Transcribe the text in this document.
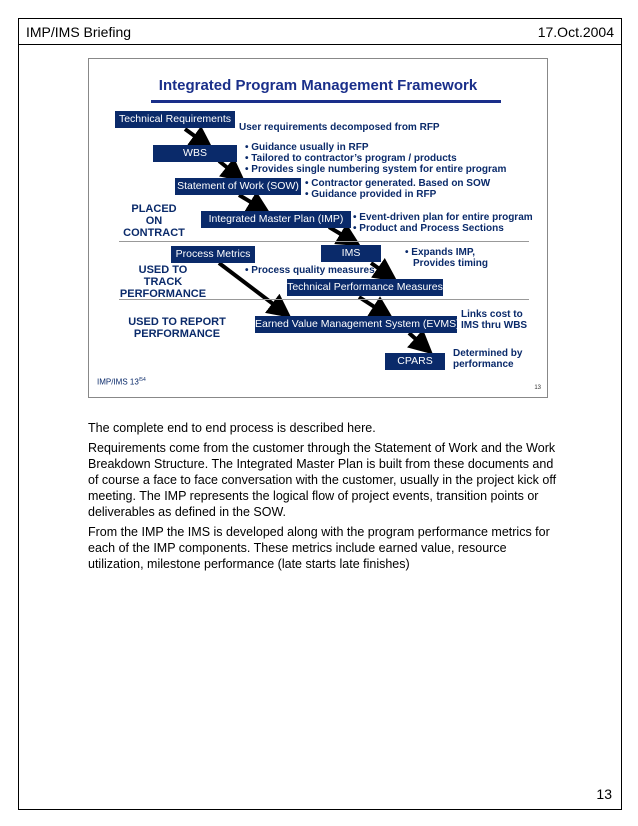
IMP/IMS Briefing	17.Oct.2004
Integrated Program Management Framework
Technical Requirements
WBS
Statement of Work (SOW)
Integrated Master Plan (IMP)
Process Metrics	IMS
Technical Performance Measures
Earned Value Management System (EVMS)
CPARS
User requirements decomposed from RFP
• Guidance usually in RFP
• Tailored to contractor’s program / products
• Provides single numbering system for entire program
• Contractor generated. Based on SOW
• Guidance provided in RFP
• Event-driven plan for entire program
• Product and Process Sections
• Expands IMP,
Provides timing
• Process quality measures
Links cost to
IMS thru WBS
Determined by
performance
PLACED
ON
CONTRACT
USED TO
TRACK
PERFORMANCE
USED TO REPORT
PERFORMANCE
IMP/IMS $13^{/54}$
13

The complete end to end process is described here.

Requirements come from the customer through the Statement of Work and the Work Breakdown Structure. The Integrated Master Plan is built from these documents and of course a face to face conversation with the customer, usually in the project kick off meeting. The IMP represents the logical flow of project events, transition points or deliverables as defined in the SOW.

From the IMP the IMS is developed along with the program performance metrics for each of the IMP components. These metrics include earned value, resource utilization, milestone performance (late starts late finishes)

13
